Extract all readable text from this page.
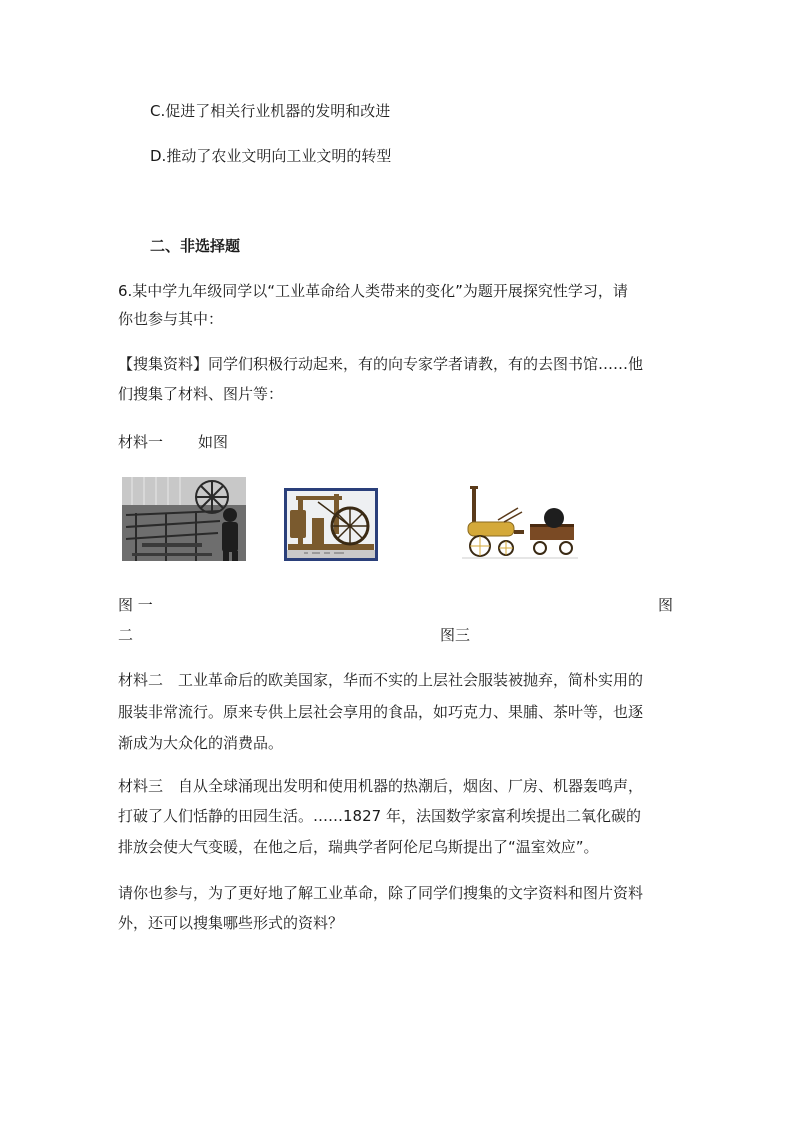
C.促进了相关行业机器的发明和改进
D.推动了农业文明向工业文明的转型
二、非选择题
6.某中学九年级同学以“工业革命给人类带来的变化”为题开展探究性学习，请
你也参与其中：
【搜集资料】同学们积极行动起来，有的向专家学者请教，有的去图书馆……他
们搜集了材料、图片等：
材料一 如图
图 一	图
二	图三
材料二　工业革命后的欧美国家，华而不实的上层社会服装被抛弃，简朴实用的
服装非常流行。原来专供上层社会享用的食品，如巧克力、果脯、茶叶等，也逐
渐成为大众化的消费品。
材料三　自从全球涌现出发明和使用机器的热潮后，烟囱、厂房、机器轰鸣声，
打破了人们恬静的田园生活。……1827 年，法国数学家富利埃提出二氧化碳的
排放会使大气变暖，在他之后，瑞典学者阿伦尼乌斯提出了“温室效应”。
请你也参与，为了更好地了解工业革命，除了同学们搜集的文字资料和图片资料
外，还可以搜集哪些形式的资料？
